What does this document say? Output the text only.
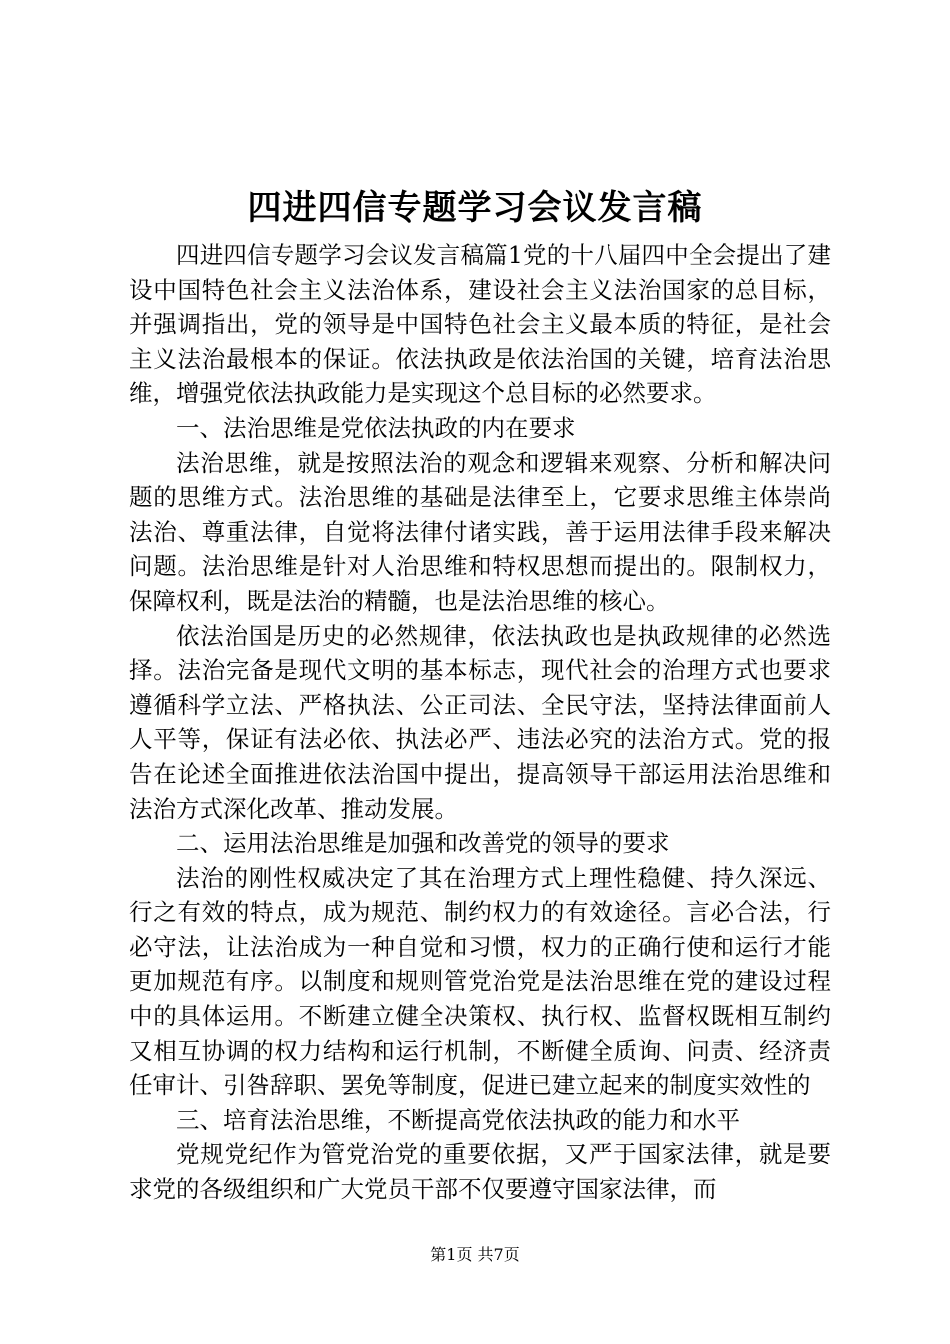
四进四信专题学习会议发言稿

四进四信专题学习会议发言稿篇1党的十八届四中全会提出了建设中国特色社会主义法治体系，建设社会主义法治国家的总目标，并强调指出，党的领导是中国特色社会主义最本质的特征，是社会主义法治最根本的保证。依法执政是依法治国的关键，培育法治思维，增强党依法执政能力是实现这个总目标的必然要求。

一、法治思维是党依法执政的内在要求

法治思维，就是按照法治的观念和逻辑来观察、分析和解决问题的思维方式。法治思维的基础是法律至上，它要求思维主体崇尚法治、尊重法律，自觉将法律付诸实践，善于运用法律手段来解决问题。法治思维是针对人治思维和特权思想而提出的。限制权力，保障权利，既是法治的精髓，也是法治思维的核心。

依法治国是历史的必然规律，依法执政也是执政规律的必然选择。法治完备是现代文明的基本标志，现代社会的治理方式也要求遵循科学立法、严格执法、公正司法、全民守法，坚持法律面前人人平等，保证有法必依、执法必严、违法必究的法治方式。党的报告在论述全面推进依法治国中提出，提高领导干部运用法治思维和法治方式深化改革、推动发展。

二、运用法治思维是加强和改善党的领导的要求

法治的刚性权威决定了其在治理方式上理性稳健、持久深远、行之有效的特点，成为规范、制约权力的有效途径。言必合法，行必守法，让法治成为一种自觉和习惯，权力的正确行使和运行才能更加规范有序。以制度和规则管党治党是法治思维在党的建设过程中的具体运用。不断建立健全决策权、执行权、监督权既相互制约又相互协调的权力结构和运行机制，不断健全质询、问责、经济责任审计、引咎辞职、罢免等制度，促进已建立起来的制度实效性的

三、培育法治思维，不断提高党依法执政的能力和水平

党规党纪作为管党治党的重要依据，又严于国家法律，就是要求党的各级组织和广大党员干部不仅要遵守国家法律，而

第1页 共7页
